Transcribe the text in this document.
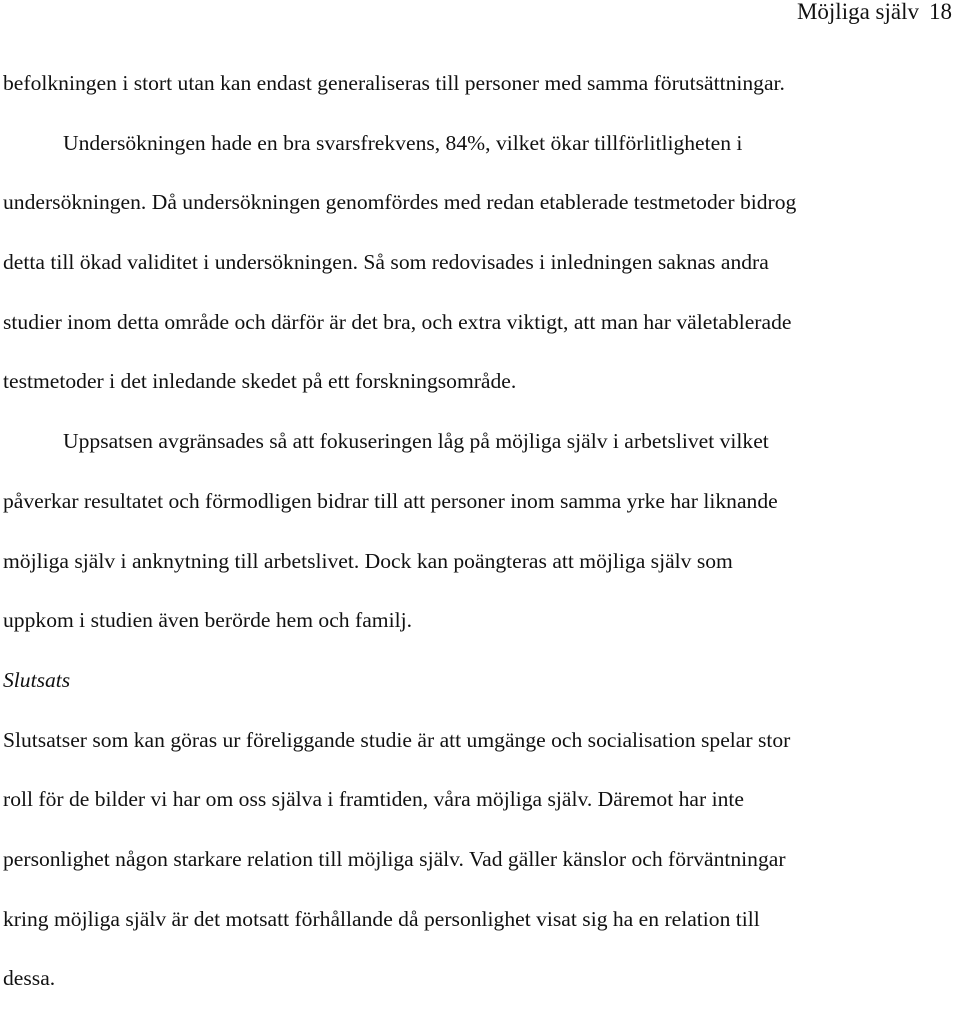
Möjliga själv 18
befolkningen i stort utan kan endast generaliseras till personer med samma förutsättningar.
Undersökningen hade en bra svarsfrekvens, 84%, vilket ökar tillförlitligheten i
undersökningen. Då undersökningen genomfördes med redan etablerade testmetoder bidrog
detta till ökad validitet i undersökningen. Så som redovisades i inledningen saknas andra
studier inom detta område och därför är det bra, och extra viktigt, att man har väletablerade
testmetoder i det inledande skedet på ett forskningsområde.
Uppsatsen avgränsades så att fokuseringen låg på möjliga själv i arbetslivet vilket
påverkar resultatet och förmodligen bidrar till att personer inom samma yrke har liknande
möjliga själv i anknytning till arbetslivet. Dock kan poängteras att möjliga själv som
uppkom i studien även berörde hem och familj.
Slutsats
Slutsatser som kan göras ur föreliggande studie är att umgänge och socialisation spelar stor
roll för de bilder vi har om oss själva i framtiden, våra möjliga själv. Däremot har inte
personlighet någon starkare relation till möjliga själv. Vad gäller känslor och förväntningar
kring möjliga själv är det motsatt förhållande då personlighet visat sig ha en relation till
dessa.
